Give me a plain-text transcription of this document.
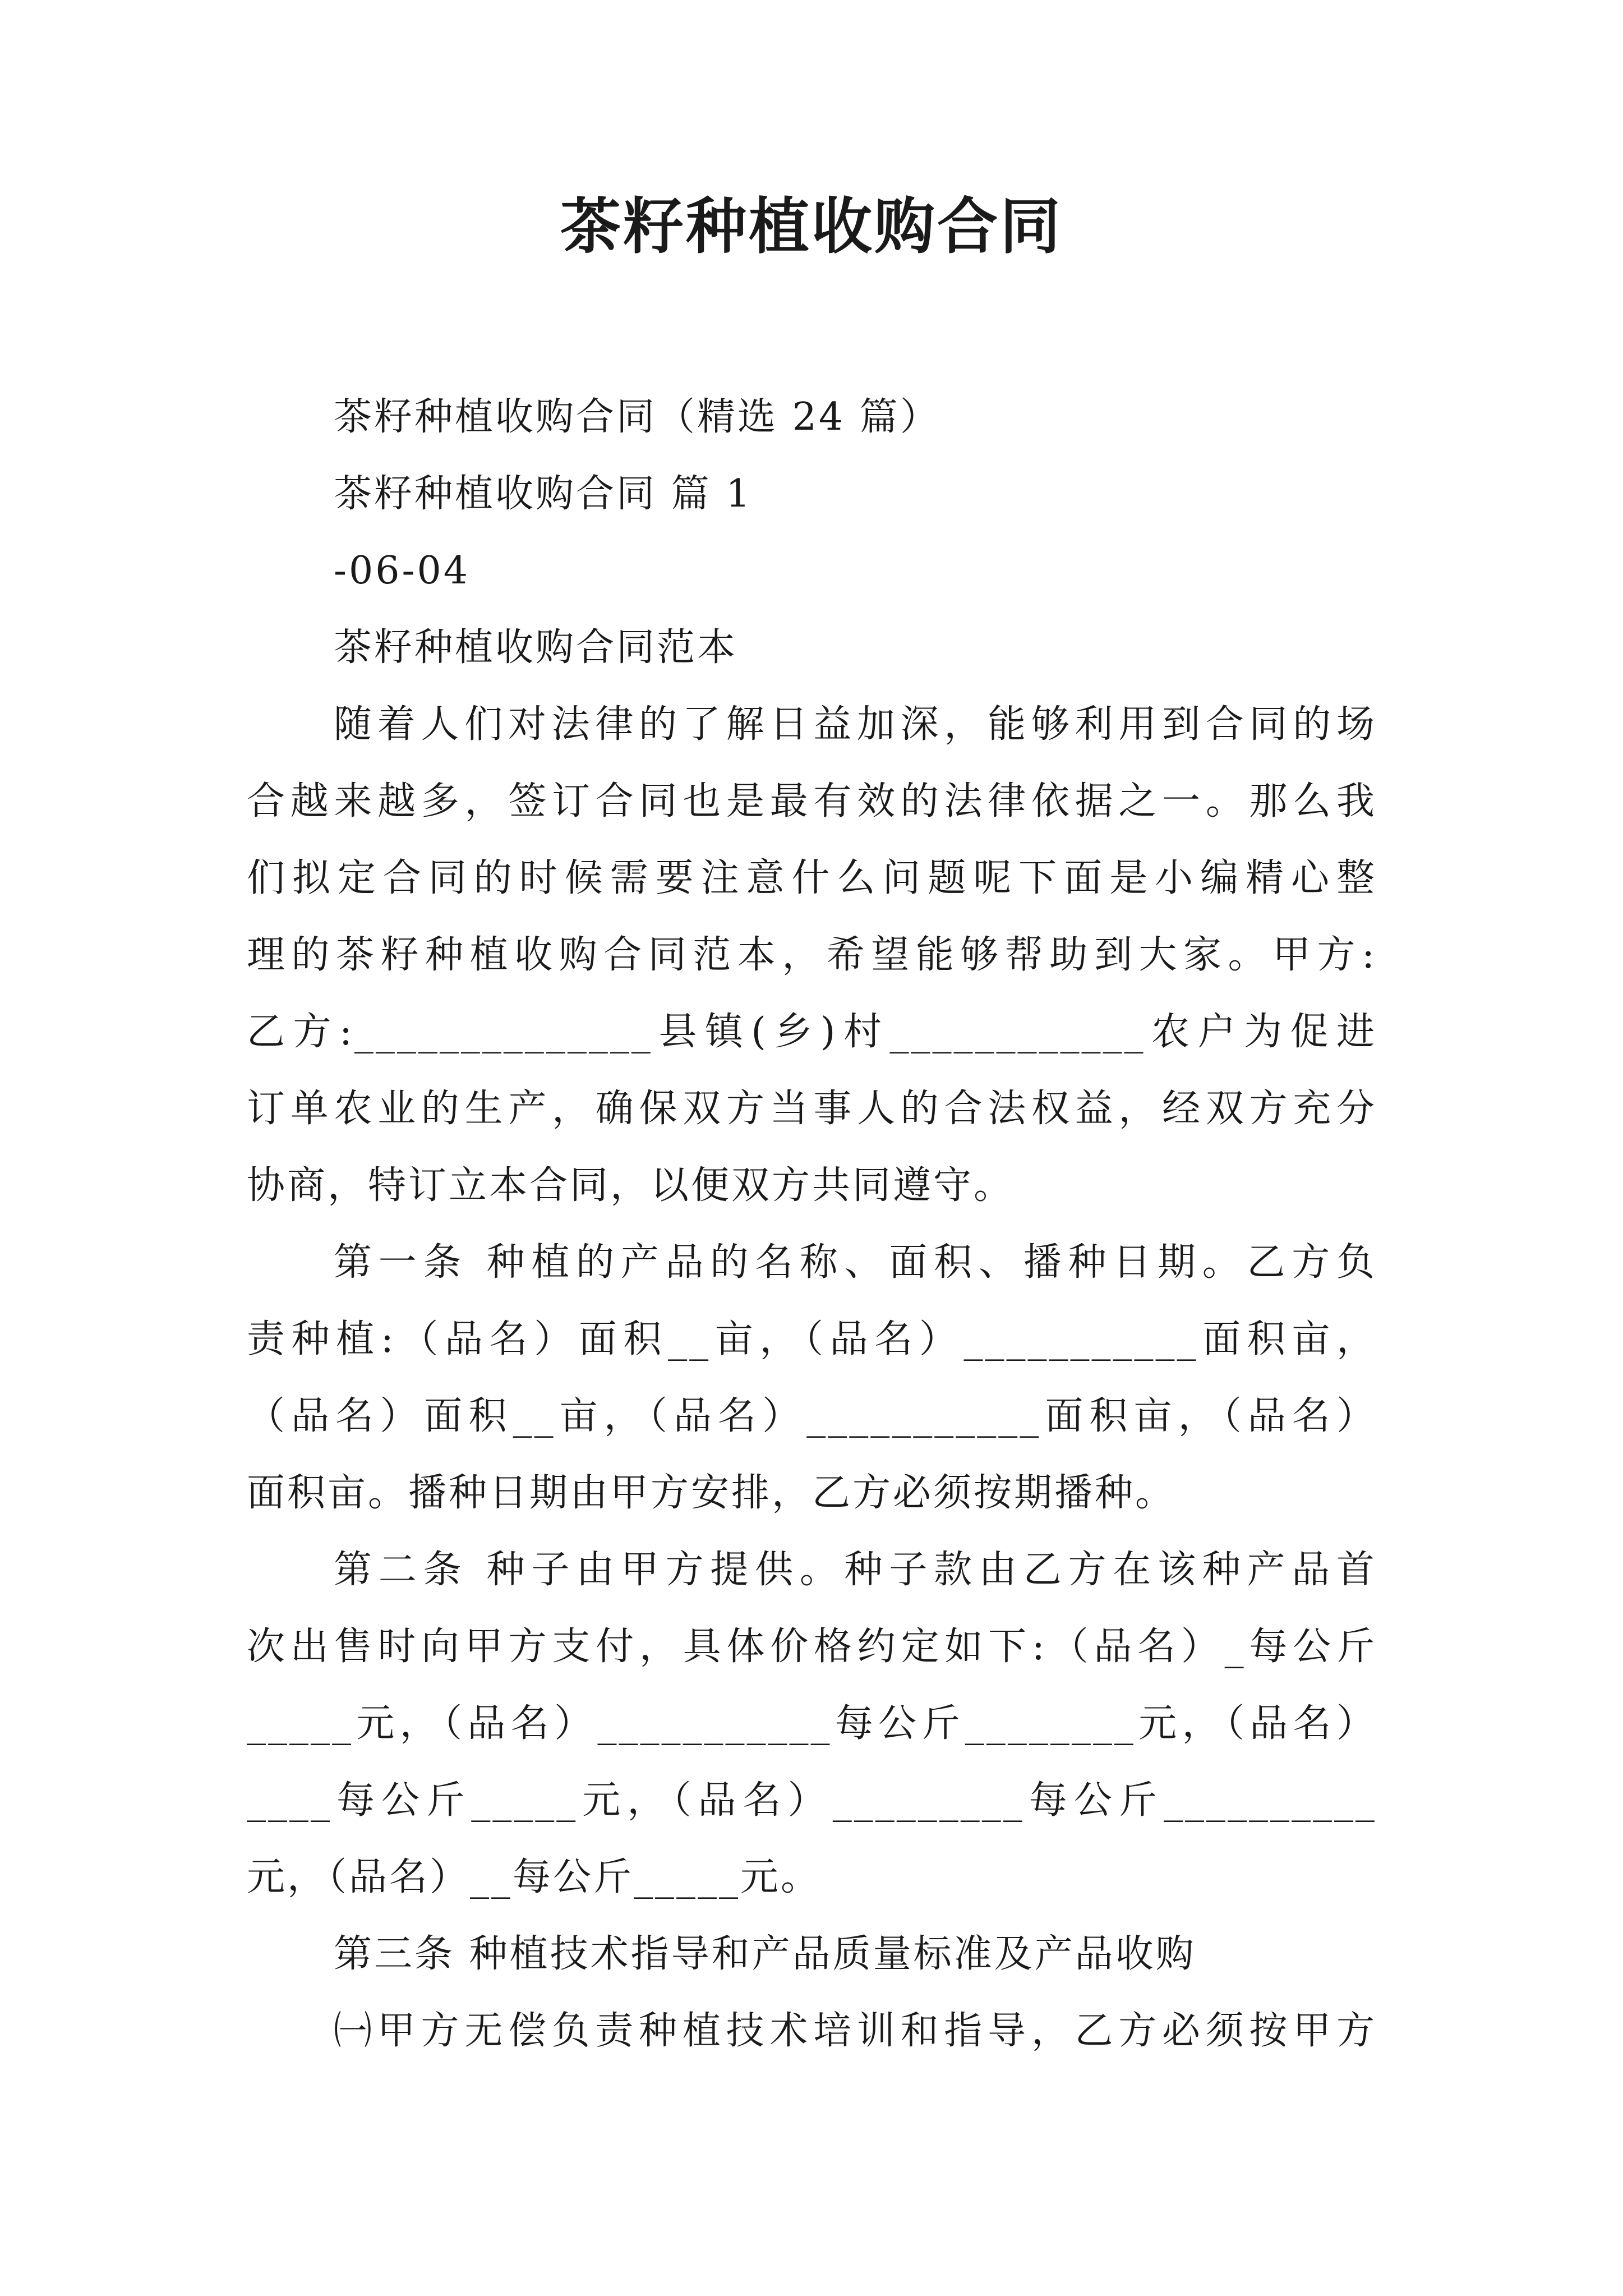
茶籽种植收购合同

茶籽种植收购合同（精选 24 篇）

茶籽种植收购合同 篇 1

-06-04

茶籽种植收购合同范本

随着人们对法律的了解日益加深，能够利用到合同的场

合越来越多，签订合同也是最有效的法律依据之一。那么我

们拟定合同的时候需要注意什么问题呢下面是小编精心整

理的茶籽种植收购合同范本，希望能够帮助到大家。甲方:

乙方:______________县镇(乡)村____________农户为促进

订单农业的生产，确保双方当事人的合法权益，经双方充分

协商，特订立本合同，以便双方共同遵守。

第一条 种植的产品的名称、面积、播种日期。乙方负

责种植:（品名）面积__亩，（品名）___________面积亩，

（品名）面积__亩，（品名）___________面积亩，（品名）

面积亩。播种日期由甲方安排，乙方必须按期播种。

第二条 种子由甲方提供。种子款由乙方在该种产品首

次出售时向甲方支付，具体价格约定如下:（品名）_每公斤

_____元，（品名）___________每公斤________元，（品名）

____每公斤_____元，（品名）_________每公斤__________

元，（品名）__每公斤_____元。

第三条 种植技术指导和产品质量标准及产品收购

㈠甲方无偿负责种植技术培训和指导，乙方必须按甲方
